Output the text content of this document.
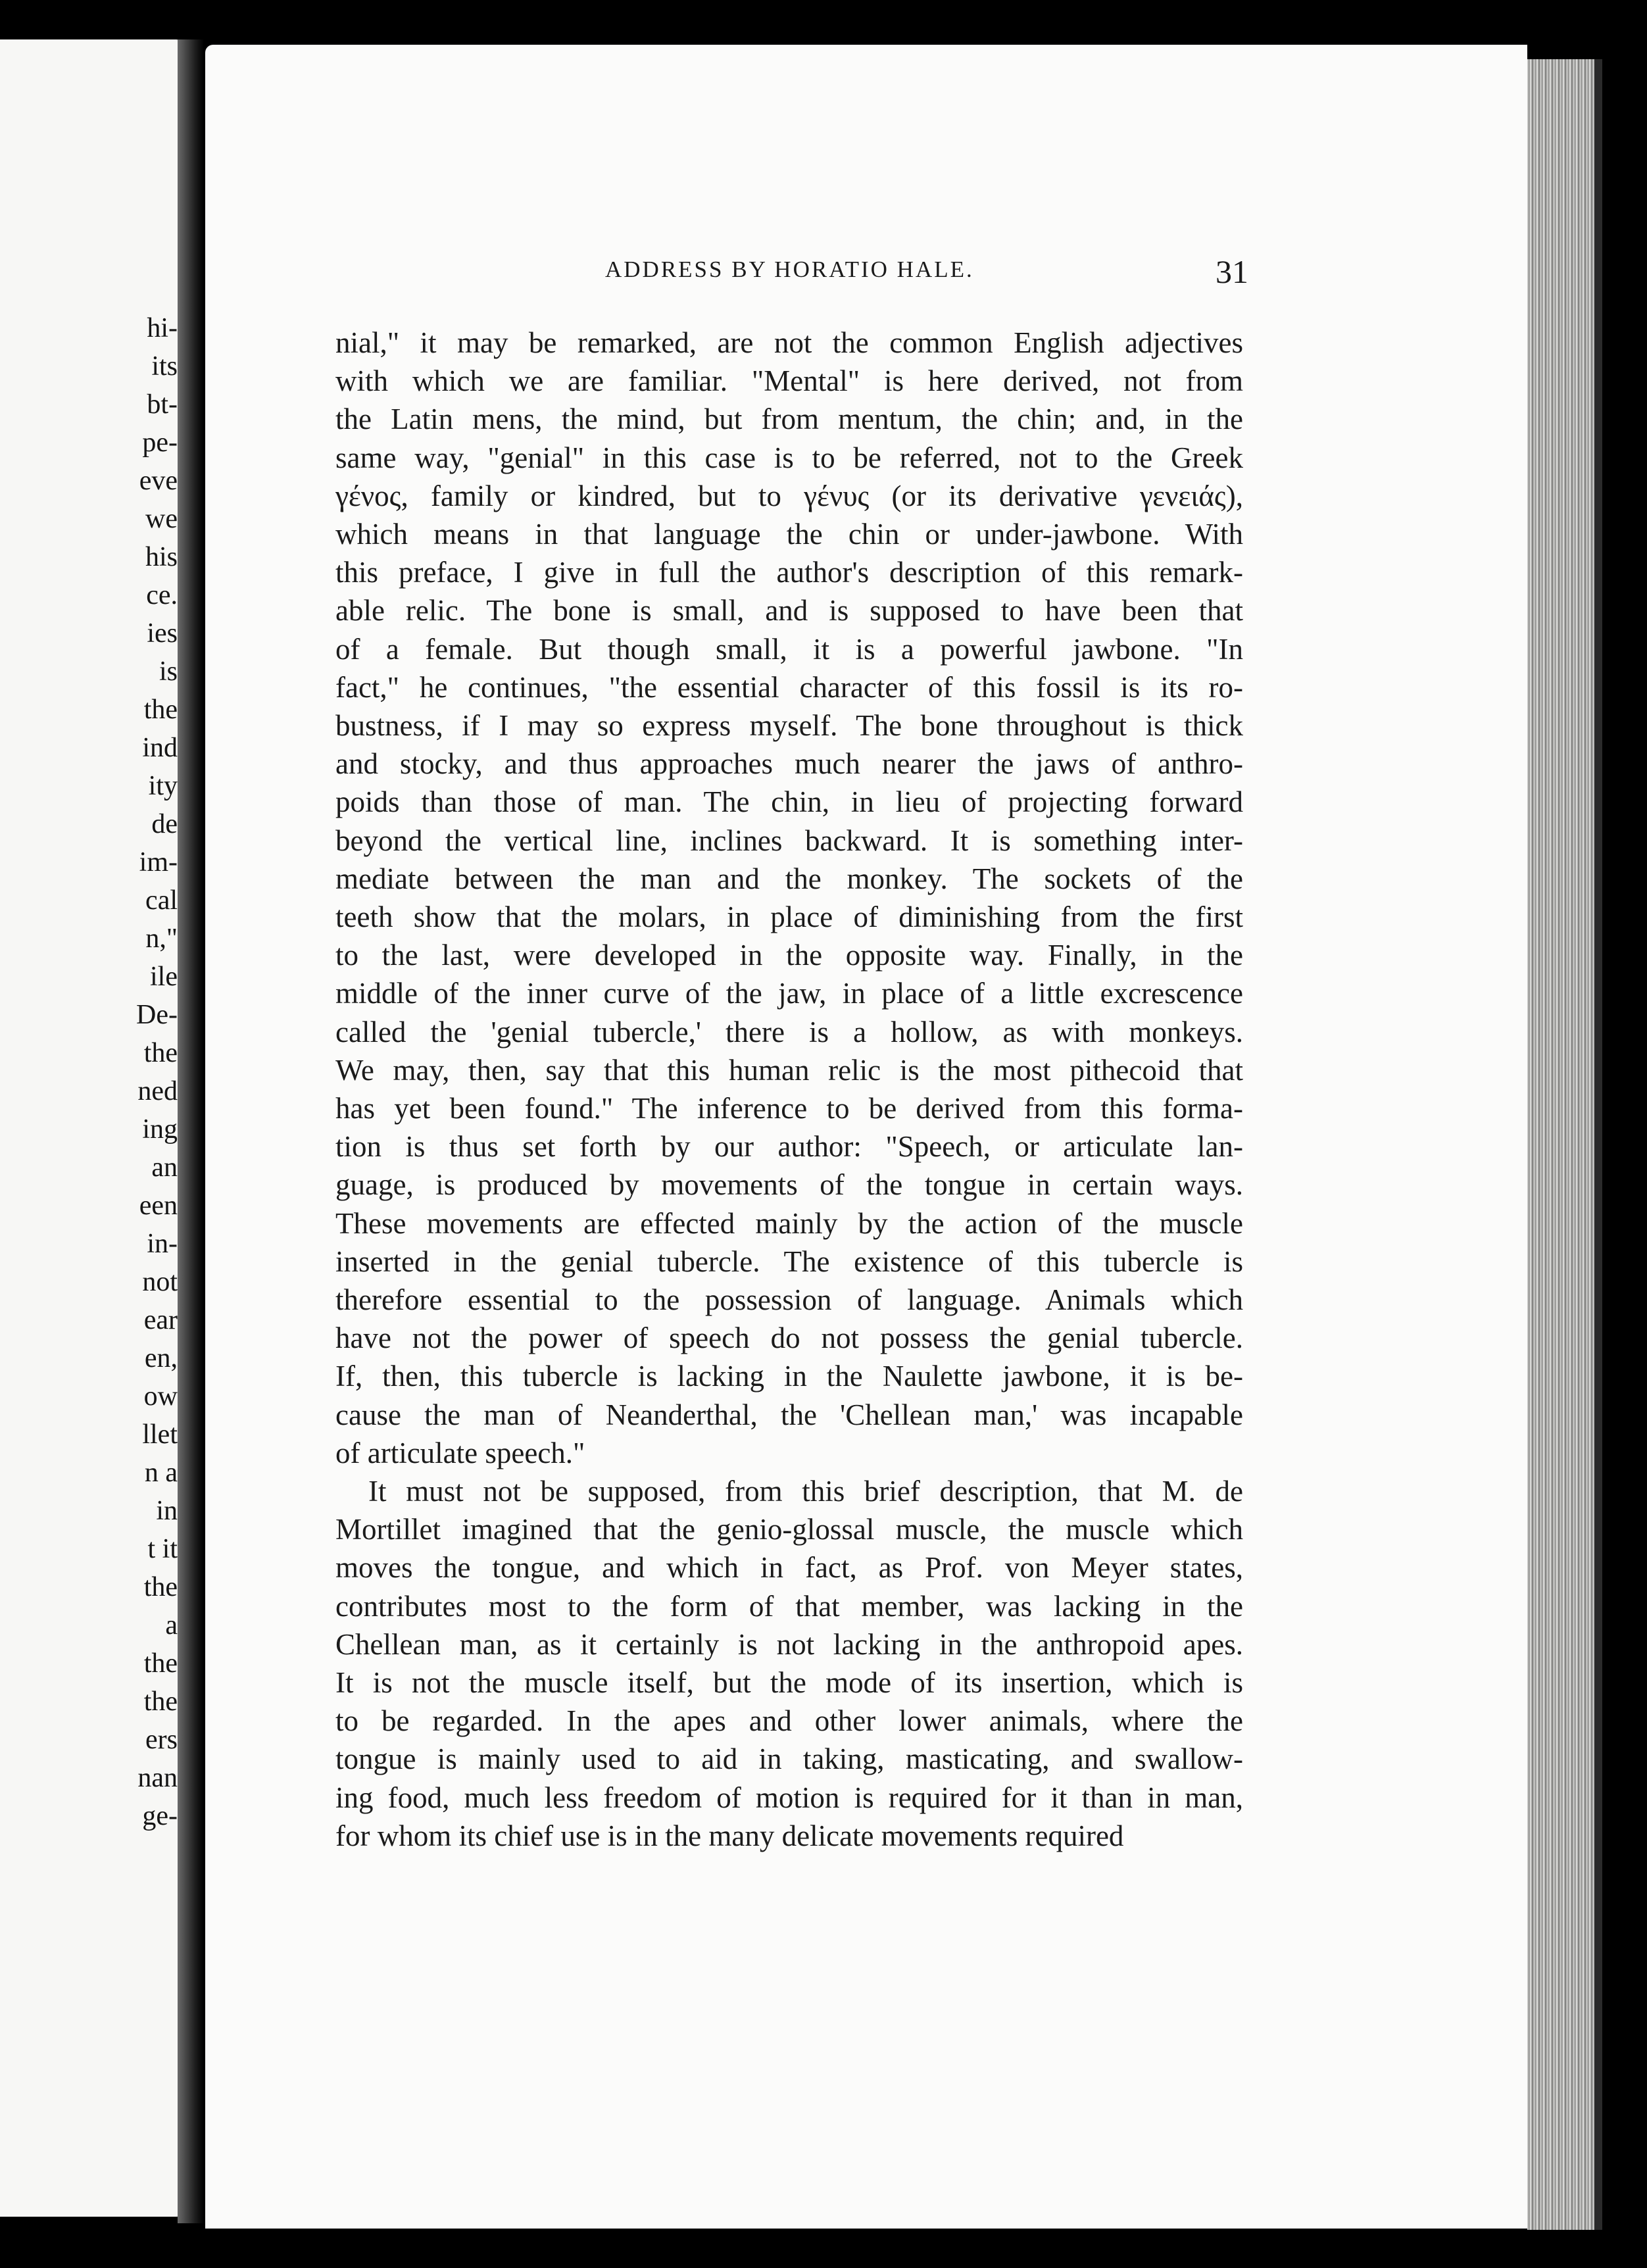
hi-
its
bt-
pe-
eve
we
his
ce.
ies
is
the
ind
ity
de
im-
cal
n,"
ile
De-
the
ned
ing
an
een
in-
not
ear
en,
ow
llet
n a
in
t it
the
a
the
the
ers
nan
ge-
ADDRESS BY HORATIO HALE.	31
nial," it may be remarked, are not the common English adjectives
with which we are familiar. "Mental" is here derived, not from
the Latin mens, the mind, but from mentum, the chin; and, in the
same way, "genial" in this case is to be referred, not to the Greek
γένος, family or kindred, but to γένυς (or its derivative γενειάς),
which means in that language the chin or under-jawbone. With
this preface, I give in full the author's description of this remark-
able relic. The bone is small, and is supposed to have been that
of a female. But though small, it is a powerful jawbone. "In
fact," he continues, "the essential character of this fossil is its ro-
bustness, if I may so express myself. The bone throughout is thick
and stocky, and thus approaches much nearer the jaws of anthro-
poids than those of man. The chin, in lieu of projecting forward
beyond the vertical line, inclines backward. It is something inter-
mediate between the man and the monkey. The sockets of the
teeth show that the molars, in place of diminishing from the first
to the last, were developed in the opposite way. Finally, in the
middle of the inner curve of the jaw, in place of a little excrescence
called the 'genial tubercle,' there is a hollow, as with monkeys.
We may, then, say that this human relic is the most pithecoid that
has yet been found." The inference to be derived from this forma-
tion is thus set forth by our author: "Speech, or articulate lan-
guage, is produced by movements of the tongue in certain ways.
These movements are effected mainly by the action of the muscle
inserted in the genial tubercle. The existence of this tubercle is
therefore essential to the possession of language. Animals which
have not the power of speech do not possess the genial tubercle.
If, then, this tubercle is lacking in the Naulette jawbone, it is be-
cause the man of Neanderthal, the 'Chellean man,' was incapable
of articulate speech."
It must not be supposed, from this brief description, that M. de
Mortillet imagined that the genio-glossal muscle, the muscle which
moves the tongue, and which in fact, as Prof. von Meyer states,
contributes most to the form of that member, was lacking in the
Chellean man, as it certainly is not lacking in the anthropoid apes.
It is not the muscle itself, but the mode of its insertion, which is
to be regarded. In the apes and other lower animals, where the
tongue is mainly used to aid in taking, masticating, and swallow-
ing food, much less freedom of motion is required for it than in man,
for whom its chief use is in the many delicate movements required
